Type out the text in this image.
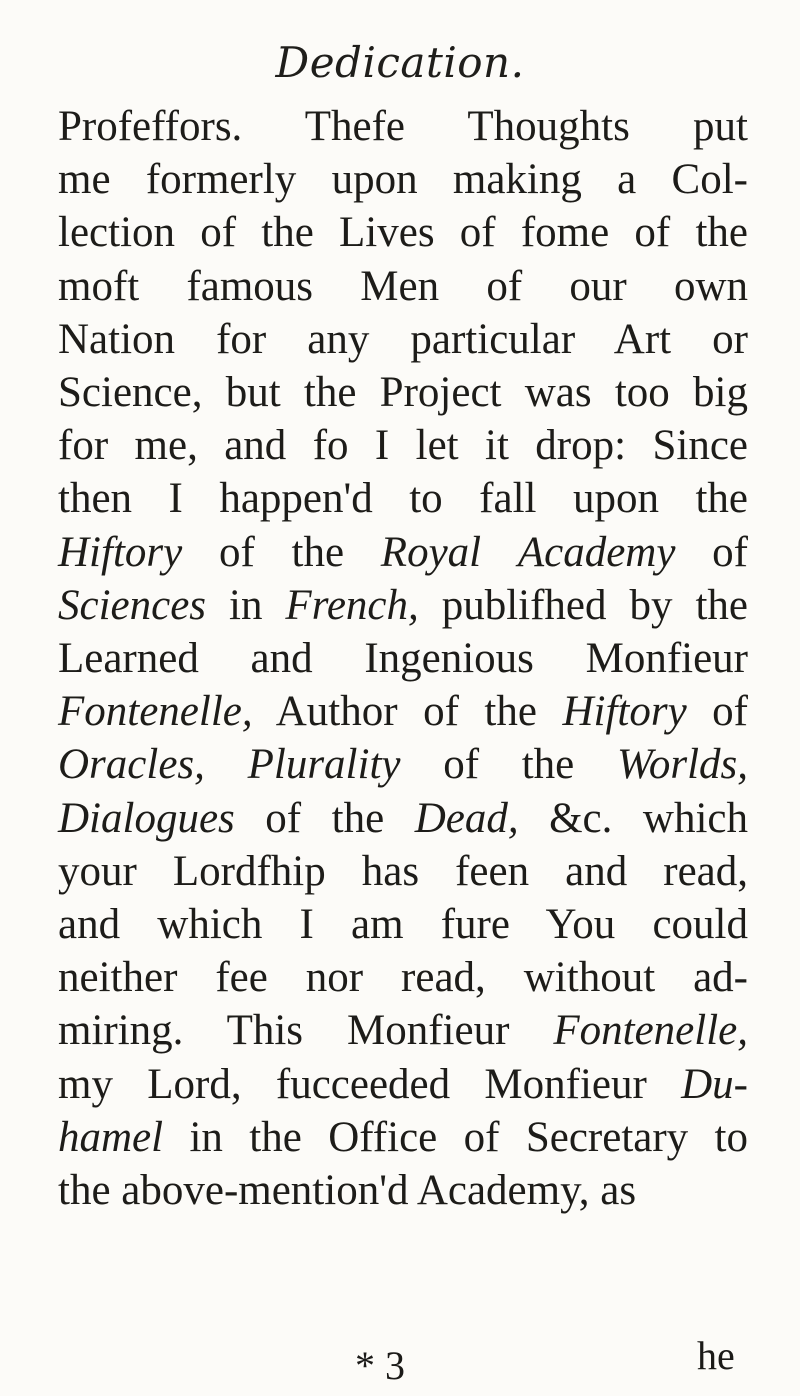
Dedication.
Profeffors. Thefe Thoughts put
me formerly upon making a Col-
lection of the Lives of fome of the
moft famous Men of our own
Nation for any particular Art or
Science, but the Project was too big
for me, and fo I let it drop: Since
then I happen'd to fall upon the
Hiftory of the Royal Academy of
Sciences in French, publifhed by the
Learned and Ingenious Monfieur
Fontenelle, Author of the Hiftory of
Oracles, Plurality of the Worlds,
Dialogues of the Dead, &c. which
your Lordfhip has feen and read,
and which I am fure You could
neither fee nor read, without ad-
miring. This Monfieur Fontenelle,
my Lord, fucceeded Monfieur Du-
hamel in the Office of Secretary to
the above-mention'd Academy, as
* 3	he
